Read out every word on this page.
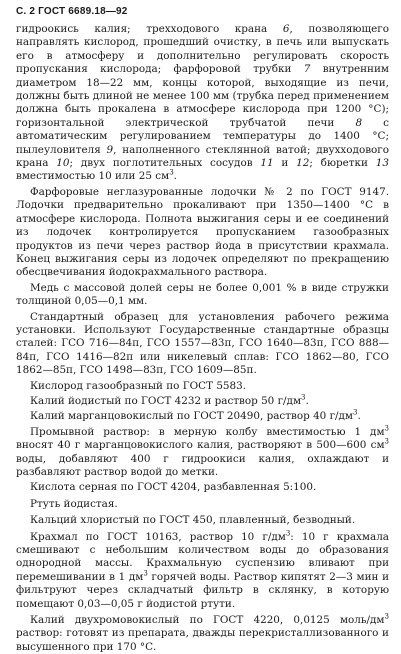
С. 2 ГОСТ 6689.18—92

гидроокись калия; трехходового крана 6, позволяющего направлять кислород, прошедший очистку, в печь или выпускать его в атмосферу и дополнительно регулировать скорость пропускания кислорода; фарфоровой трубки 7 внутренним диаметром 18—22 мм, концы которой, выходящие из печи, должны быть длиной не менее 100 мм (трубка перед применением должна быть прокалена в атмосфере кислорода при 1200 °С); горизонтальной электрической трубчатой печи 8 с автоматическим регулированием температуры до 1400 °С; пылеуловителя 9, наполненного стеклянной ватой; двухходового крана 10; двух поглотительных сосудов 11 и 12; бюретки 13 вместимостью 10 или 25 $см^3$.

Фарфоровые неглазурованные лодочки № 2 по ГОСТ 9147. Лодочки предварительно прокаливают при 1350—1400 °С в атмосфере кислорода. Полнота выжигания серы и ее соединений из лодочек контролируется пропусканием газообразных продуктов из печи через раствор йода в присутствии крахмала. Конец выжигания серы из лодочек определяют по прекращению обесцвечивания йодокрахмального раствора.

Медь с массовой долей серы не более 0,001 % в виде стружки толщиной 0,05—0,1 мм.

Стандартный образец для установления рабочего режима установки. Используют Государственные стандартные образцы сталей: ГСО 716—84п, ГСО 1557—83п, ГСО 1640—83п, ГСО 888—84п, ГСО 1416—82п или никелевый сплав: ГСО 1862—80, ГСО 1862—85п, ГСО 1498—83п, ГСО 1609—85п.

Кислород газообразный по ГОСТ 5583.

Калий йодистый по ГОСТ 4232 и раствор 50 $г/дм^3$.

Калий марганцовокислый по ГОСТ 20490, раствор 40 $г/дм^3$.

Промывной раствор: в мерную колбу вместимостью 1 $дм^3$ вносят 40 г марганцовокислого калия, растворяют в 500—600 $см^3$ воды, добавляют 400 г гидроокиси калия, охлаждают и разбавляют раствор водой до метки.

Кислота серная по ГОСТ 4204, разбавленная 5:100.

Ртуть йодистая.

Кальций хлористый по ГОСТ 450, плавленный, безводный.

Крахмал по ГОСТ 10163, раствор 10 $г/дм^3$: 10 г крахмала смешивают с небольшим количеством воды до образования однородной массы. Крахмальную суспензию вливают при перемешивании в 1 $дм^3$ горячей воды. Раствор кипятят 2—3 мин и фильтруют через складчатый фильтр в склянку, в которую помещают 0,03—0,05 г йодистой ртути.

Калий двухромовокислый по ГОСТ 4220, 0,0125 моль/$дм^3$ раствор: готовят из препарата, дважды перекристаллизованного и высушенного при 170 °С.
